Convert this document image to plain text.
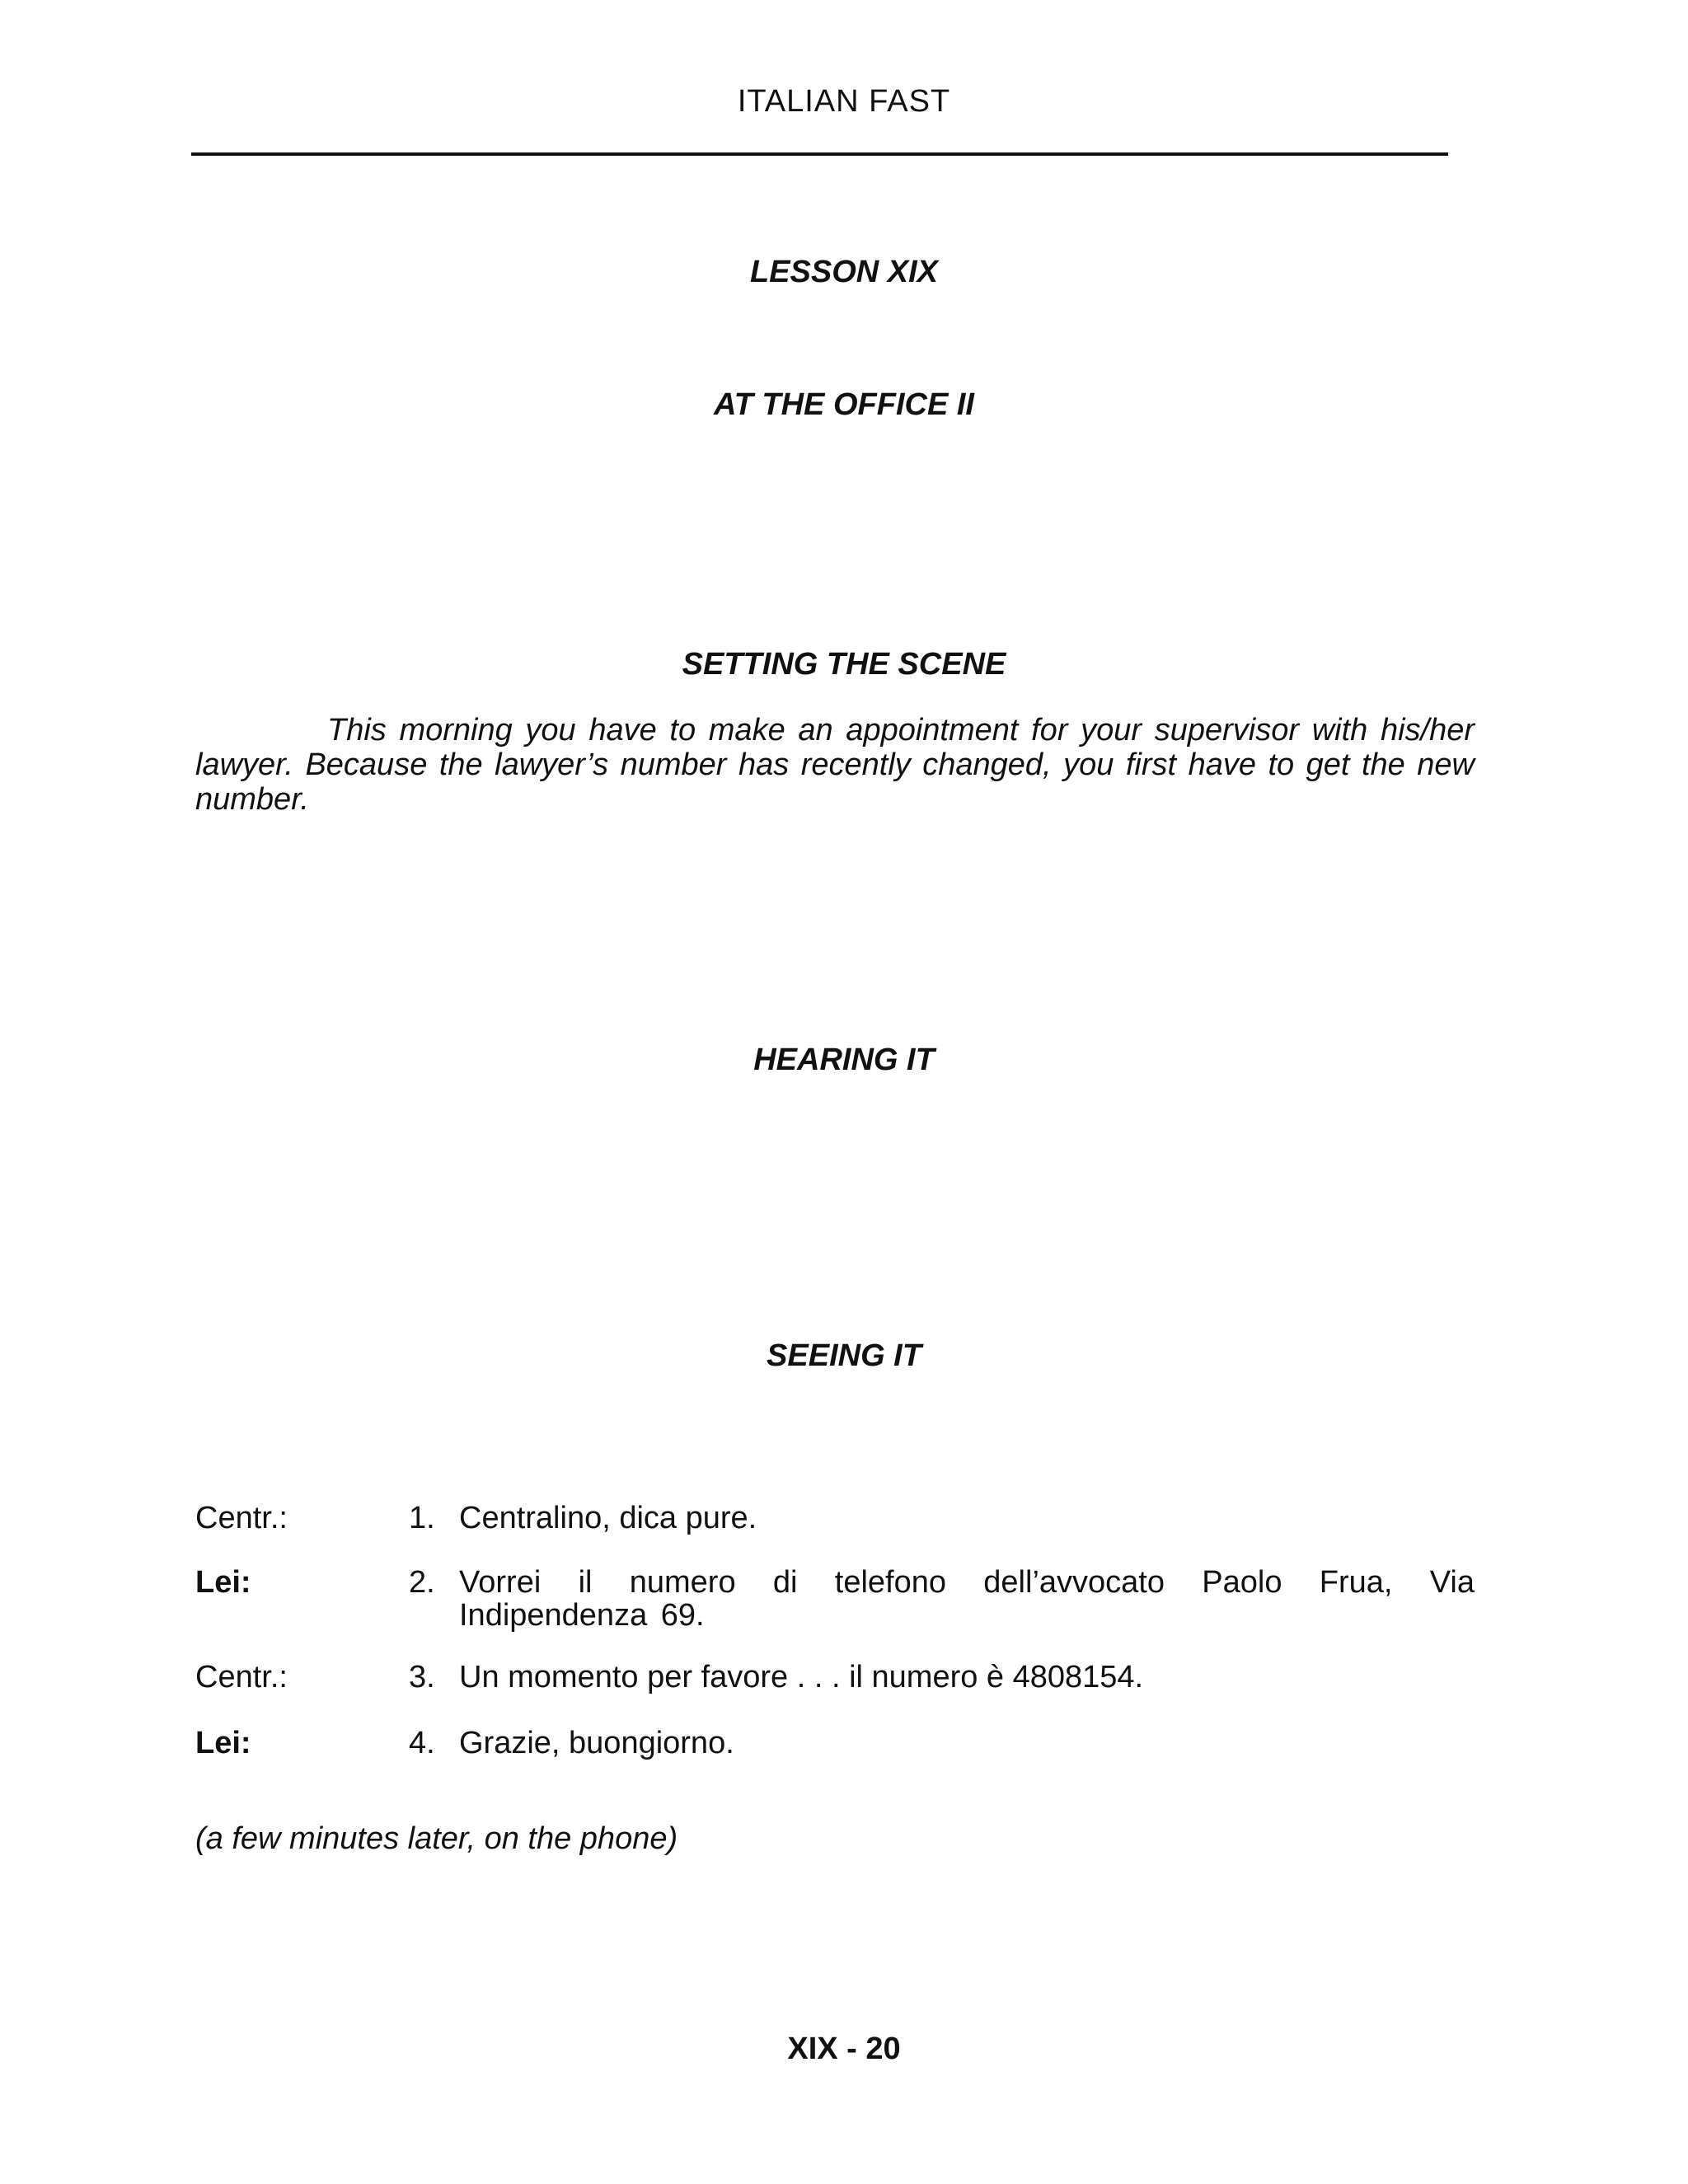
ITALIAN FAST
LESSON XIX
AT THE OFFICE II
SETTING THE SCENE
This morning you have to make an appointment for your supervisor with his/her lawyer. Because the lawyer’s number has recently changed, you first have to get the new number.
HEARING IT
SEEING IT
Centr.:	1. Centralino, dica pure.
Lei:	2. Vorrei il numero di telefono dell’avvocato Paolo Frua, Via Indipendenza 69.
Centr.:	3. Un momento per favore . . . il numero è 4808154.
Lei:	4. Grazie, buongiorno.
(a few minutes later, on the phone)
XIX - 20
